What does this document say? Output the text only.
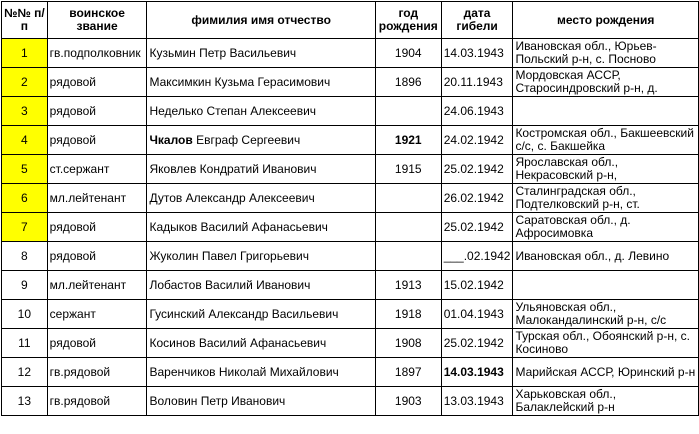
№№ п/п	воинское звание	фимилия имя отчество	год рождения	дата гибели	место рождения
1	гв.подполковник	Кузьмин Петр Васильевич	1904	14.03.1943	Ивановская обл., Юрьев-Польский р-н, с. Посново
2	рядовой	Максимкин Кузьма Герасимович	1896	20.11.1943	Мордовская АССР, Старосиндровский р-н, д.
3	рядовой	Неделько Степан Алексеевич		24.06.1943	
4	рядовой	Чкалов Евграф Сергеевич	1921	24.02.1942	Костромская обл., Бакшеевский с/с, с. Бакшейка
5	ст.сержант	Яковлев Кондратий Иванович	1915	25.02.1942	Ярославская обл., Некрасовский р-н,
6	мл.лейтенант	Дутов Александр Алексеевич		26.02.1942	Сталинградская обл., Подтелковский р-н, ст.
7	рядовой	Кадыков Василий Афанасьевич		25.02.1942	Саратовская обл., д. Афросимовка
8	рядовой	Жуколин Павел Григорьевич		___.02.1942	Ивановская обл., д. Левино
9	мл.лейтенант	Лобастов Василий Иванович	1913	15.02.1942	
10	сержант	Гусинский Александр Васильевич	1918	01.04.1943	Ульяновская обл., Малокандалинский р-н, с/с
11	рядовой	Косинов Василий Афанасьевич	1908	25.02.1942	Турская обл., Обоянский р-н, с. Косиново
12	гв.рядовой	Варенчиков Николай Михайлович	1897	14.03.1943	Марийская АССР, Юринский р-н
13	гв.рядовой	Воловин Петр Иванович	1903	13.03.1943	Харьковская обл., Балаклейский р-н
